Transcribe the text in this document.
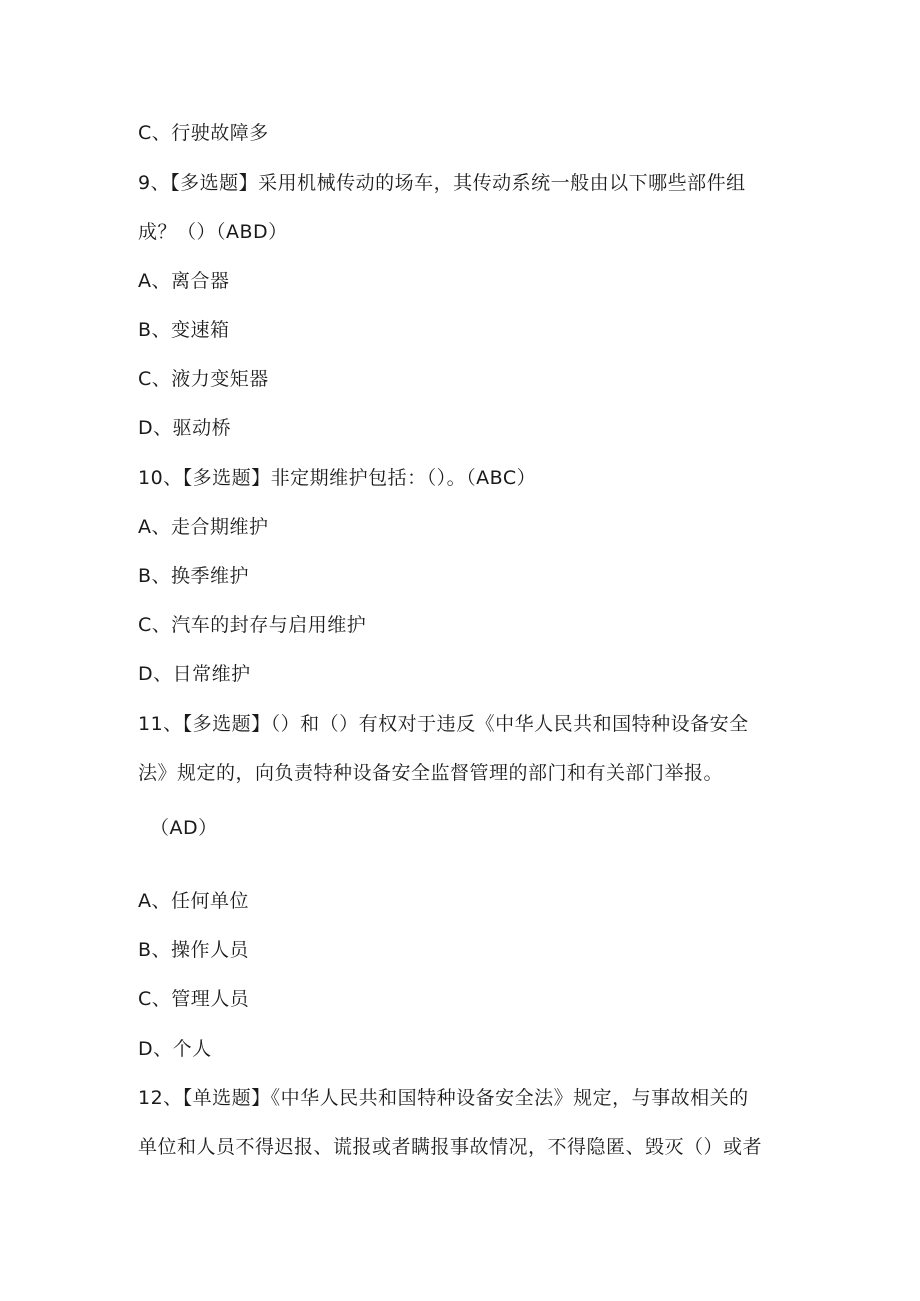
C、行驶故障多
9、【多选题】采用机械传动的场车，其传动系统一般由以下哪些部件组
成？（）（ABD）
A、离合器
B、变速箱
C、液力变矩器
D、驱动桥
10、【多选题】非定期维护包括：（）。（ABC）
A、走合期维护
B、换季维护
C、汽车的封存与启用维护
D、日常维护
11、【多选题】（）和（）有权对于违反《中华人民共和国特种设备安全
法》规定的，向负责特种设备安全监督管理的部门和有关部门举报。
（AD）
A、任何单位
B、操作人员
C、管理人员
D、个人
12、【单选题】《中华人民共和国特种设备安全法》规定，与事故相关的
单位和人员不得迟报、谎报或者瞒报事故情况，不得隐匿、毁灭（）或者
